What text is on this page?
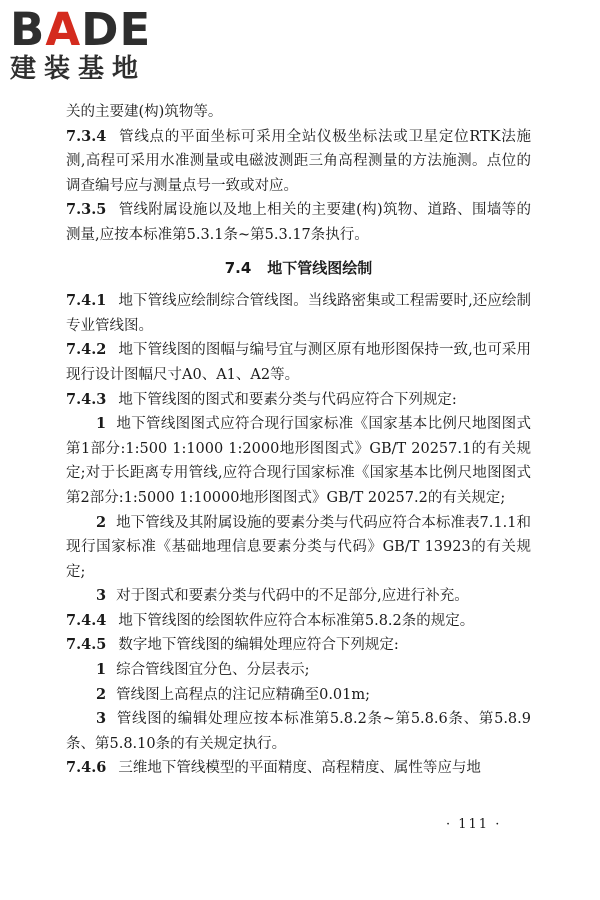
BADE
建装基地

关的主要建(构)筑物等。

7.3.4 管线点的平面坐标可采用全站仪极坐标法或卫星定位RTK法施测,高程可采用水准测量或电磁波测距三角高程测量的方法施测。点位的调查编号应与测量点号一致或对应。

7.3.5 管线附属设施以及地上相关的主要建(构)筑物、道路、围墙等的测量,应按本标准第5.3.1条~第5.3.17条执行。

7.4 地下管线图绘制

7.4.1 地下管线应绘制综合管线图。当线路密集或工程需要时,还应绘制专业管线图。

7.4.2 地下管线图的图幅与编号宜与测区原有地形图保持一致,也可采用现行设计图幅尺寸A0、A1、A2等。

7.4.3 地下管线图的图式和要素分类与代码应符合下列规定:

1 地下管线图图式应符合现行国家标准《国家基本比例尺地图图式 第1部分:1:500 1:1000 1:2000地形图图式》GB/T 20257.1的有关规定;对于长距离专用管线,应符合现行国家标准《国家基本比例尺地图图式 第2部分:1:5000 1:10000地形图图式》GB/T 20257.2的有关规定;

2 地下管线及其附属设施的要素分类与代码应符合本标准表7.1.1和现行国家标准《基础地理信息要素分类与代码》GB/T 13923的有关规定;

3 对于图式和要素分类与代码中的不足部分,应进行补充。

7.4.4 地下管线图的绘图软件应符合本标准第5.8.2条的规定。

7.4.5 数字地下管线图的编辑处理应符合下列规定:

1 综合管线图宜分色、分层表示;

2 管线图上高程点的注记应精确至0.01m;

3 管线图的编辑处理应按本标准第5.8.2条~第5.8.6条、第5.8.9条、第5.8.10条的有关规定执行。

7.4.6 三维地下管线模型的平面精度、高程精度、属性等应与地

· 111 ·
